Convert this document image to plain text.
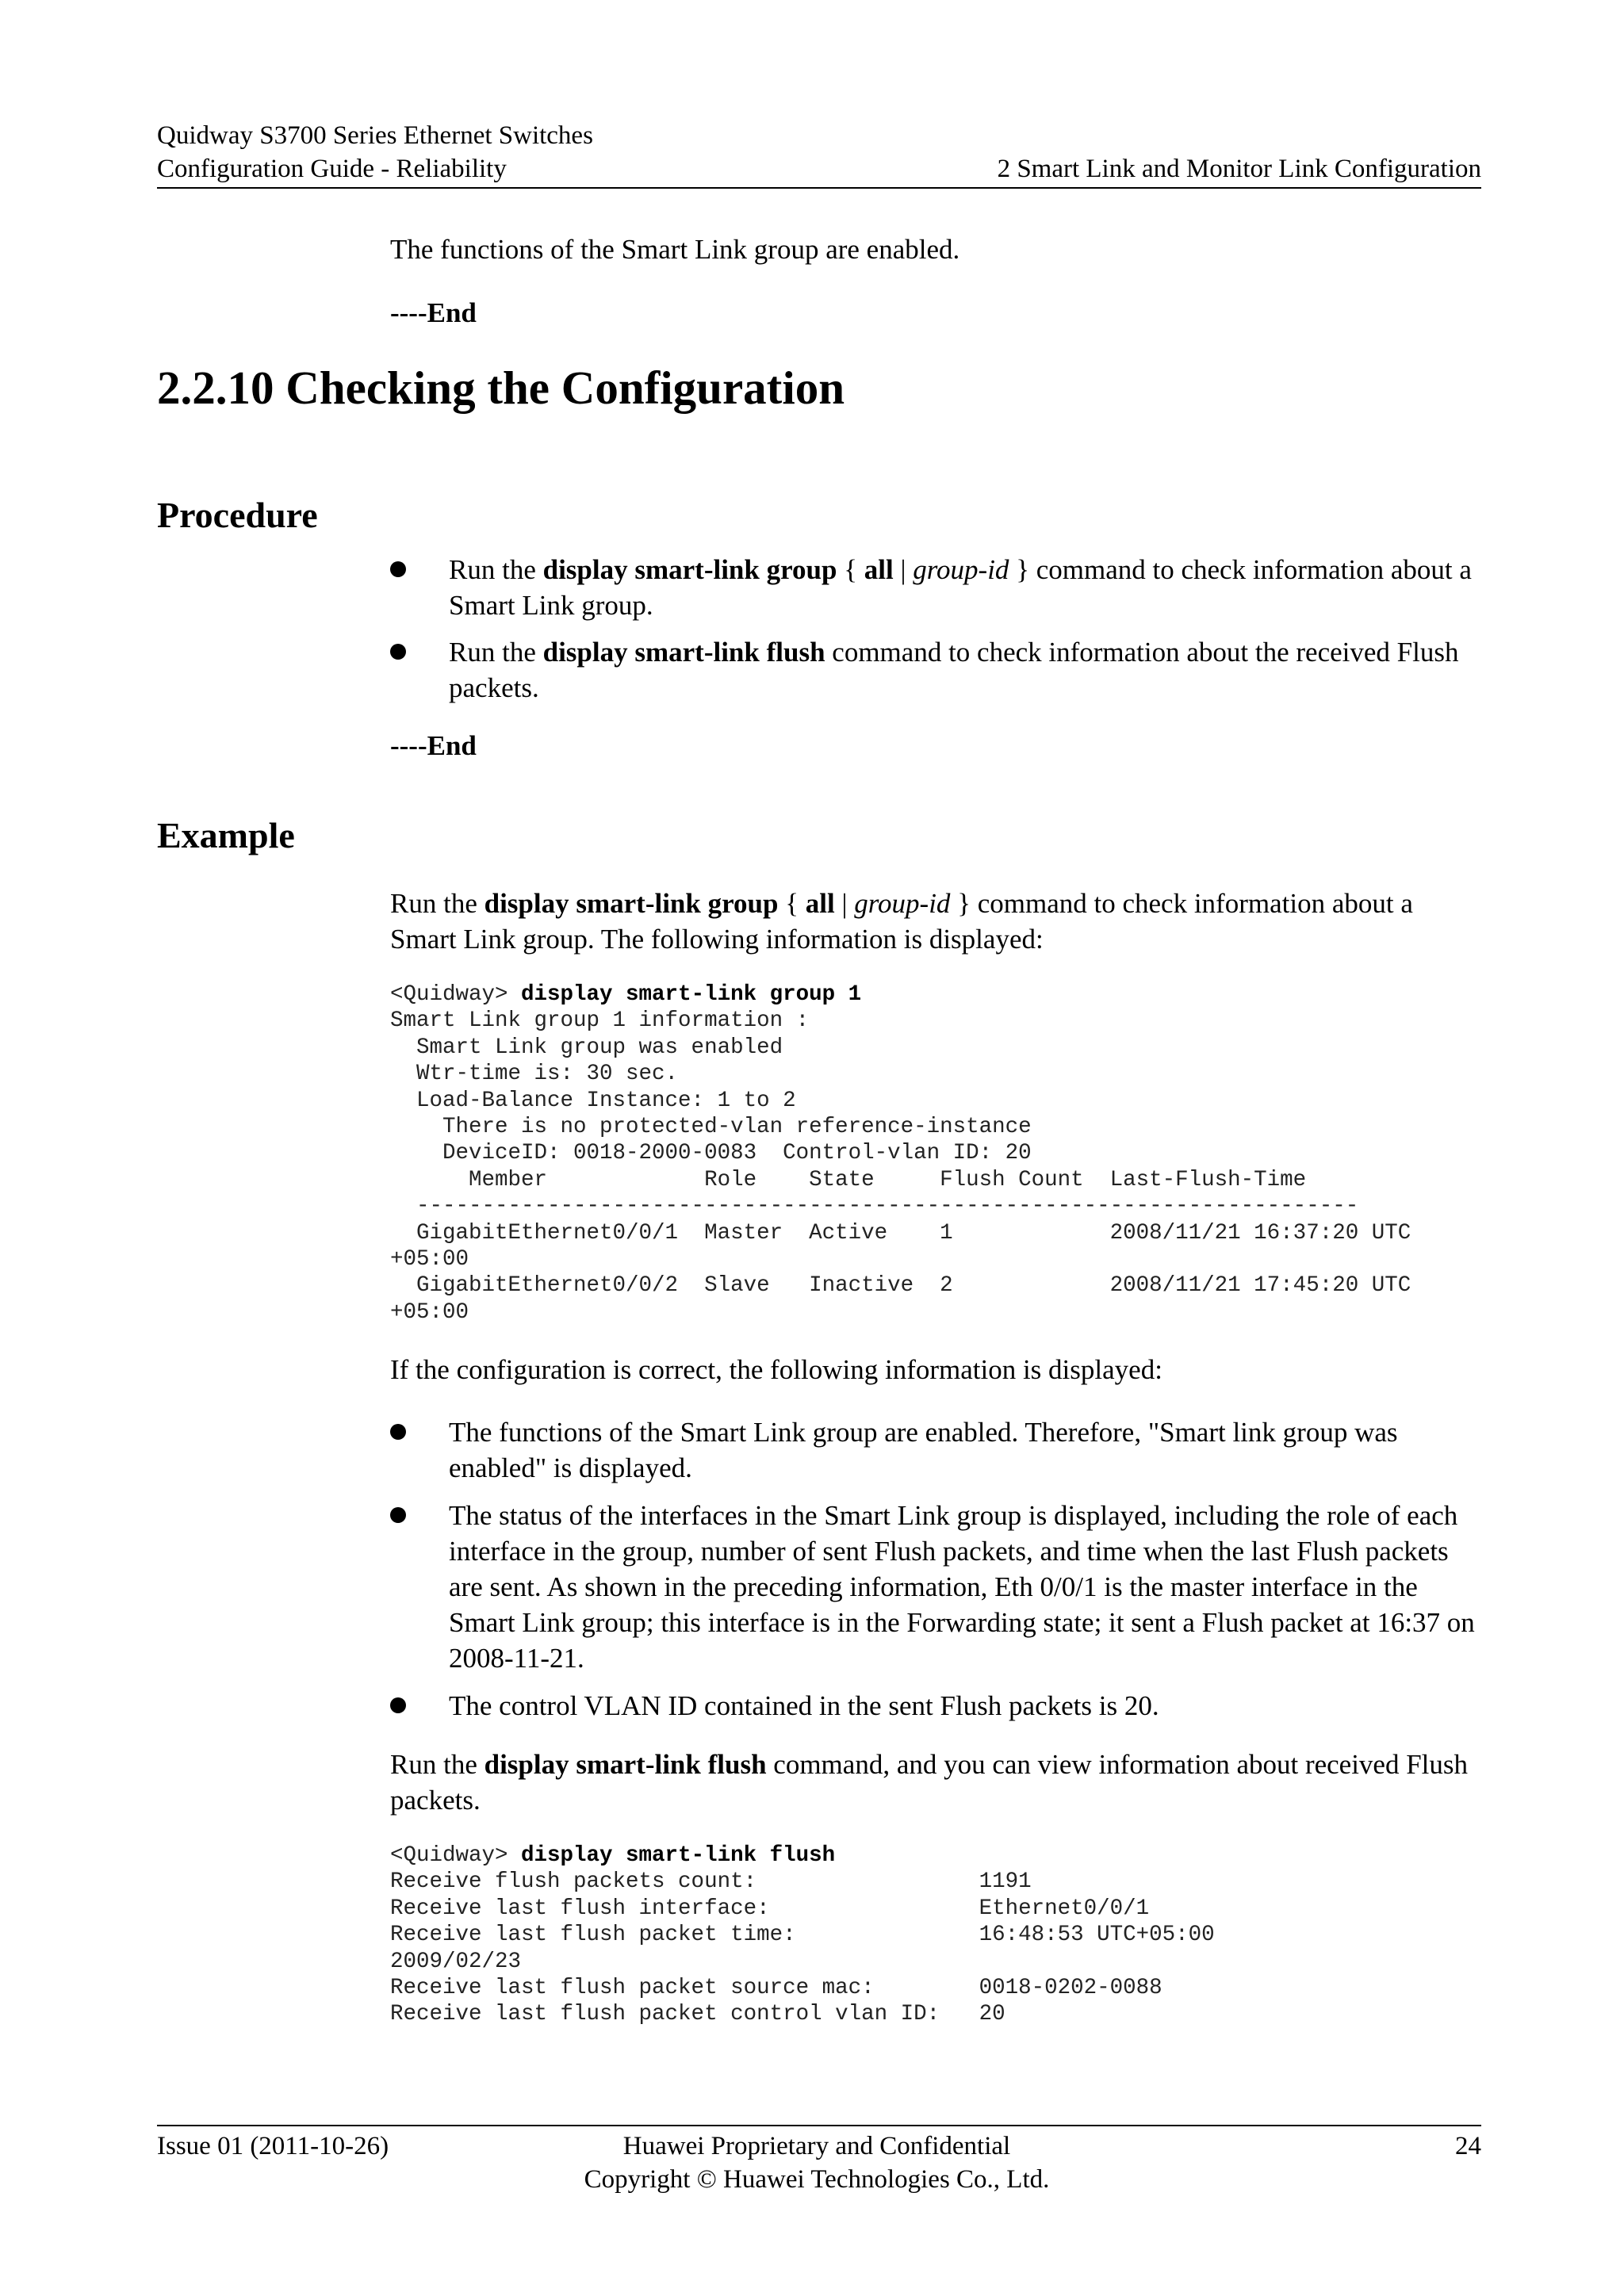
Quidway S3700 Series Ethernet Switches
Configuration Guide - Reliability	2 Smart Link and Monitor Link Configuration
The functions of the Smart Link group are enabled.
----End
2.2.10 Checking the Configuration
Procedure
Run the display smart-link group { all | group-id } command to check information about a Smart Link group.
Run the display smart-link flush command to check information about the received Flush packets.
----End
Example
Run the display smart-link group { all | group-id } command to check information about a Smart Link group. The following information is displayed:
<Quidway> display smart-link group 1
Smart Link group 1 information :
Smart Link group was enabled
Wtr-time is: 30 sec.
Load-Balance Instance: 1 to 2
There is no protected-vlan reference-instance
DeviceID: 0018-2000-0083  Control-vlan ID: 20
Member            Role    State     Flush Count  Last-Flush-Time
------------------------------------------------------------------------
GigabitEthernet0/0/1  Master  Active    1            2008/11/21 16:37:20 UTC
+05:00
GigabitEthernet0/0/2  Slave   Inactive  2            2008/11/21 17:45:20 UTC
+05:00
If the configuration is correct, the following information is displayed:
The functions of the Smart Link group are enabled. Therefore, "Smart link group was enabled" is displayed.
The status of the interfaces in the Smart Link group is displayed, including the role of each interface in the group, number of sent Flush packets, and time when the last Flush packets are sent. As shown in the preceding information, Eth 0/0/1 is the master interface in the Smart Link group; this interface is in the Forwarding state; it sent a Flush packet at 16:37 on 2008-11-21.
The control VLAN ID contained in the sent Flush packets is 20.
Run the display smart-link flush command, and you can view information about received Flush packets.
<Quidway> display smart-link flush
Receive flush packets count:                 1191
Receive last flush interface:                Ethernet0/0/1
Receive last flush packet time:              16:48:53 UTC+05:00
2009/02/23
Receive last flush packet source mac:        0018-0202-0088
Receive last flush packet control vlan ID:   20
Issue 01 (2011-10-26)	Huawei Proprietary and Confidential
Copyright © Huawei Technologies Co., Ltd.
24
